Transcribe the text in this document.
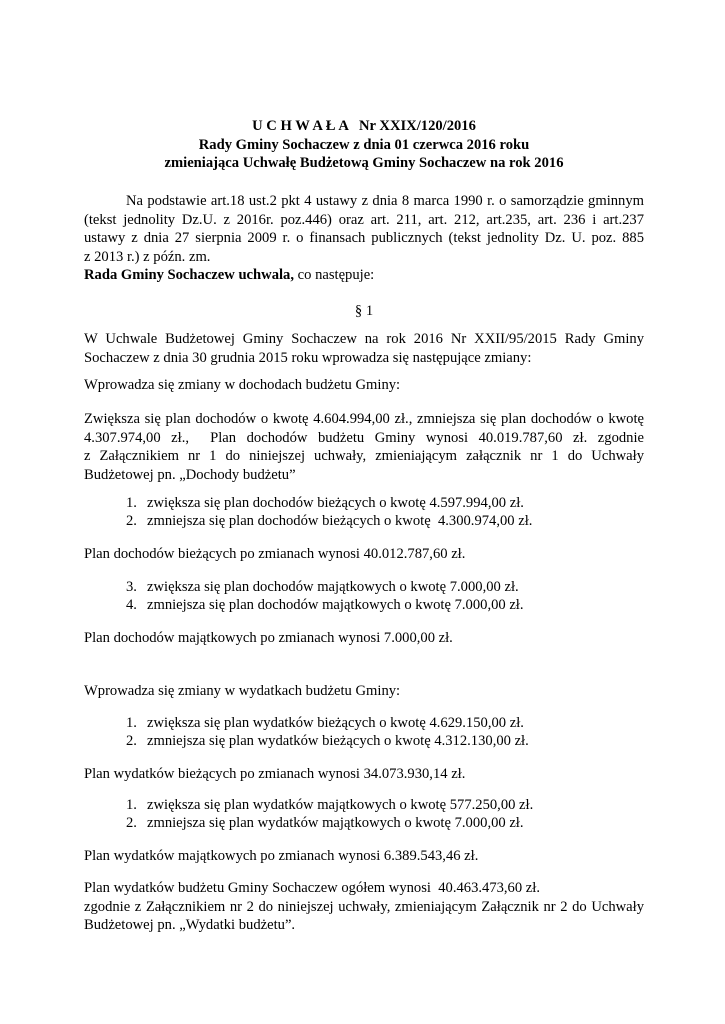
U C H W A Ł A   Nr XXIX/120/2016
Rady Gminy Sochaczew z dnia 01 czerwca 2016 roku
zmieniająca Uchwałę Budżetową Gminy Sochaczew na rok 2016
Na podstawie art.18 ust.2 pkt 4 ustawy z dnia 8 marca 1990 r. o samorządzie gminnym
(tekst jednolity Dz.U. z 2016r. poz.446) oraz art. 211, art. 212, art.235, art. 236 i art.237
ustawy z dnia 27 sierpnia 2009 r. o finansach publicznych (tekst jednolity Dz. U. poz. 885
z 2013 r.) z późn. zm.
Rada Gminy Sochaczew uchwala, co następuje:
§ 1
W Uchwale Budżetowej Gminy Sochaczew na rok 2016 Nr XXII/95/2015 Rady Gminy
Sochaczew z dnia 30 grudnia 2015 roku wprowadza się następujące zmiany:
Wprowadza się zmiany w dochodach budżetu Gminy:
Zwiększa się plan dochodów o kwotę 4.604.994,00 zł., zmniejsza się plan dochodów o kwotę
4.307.974,00 zł.,  Plan dochodów budżetu Gminy wynosi 40.019.787,60 zł. zgodnie
z Załącznikiem nr 1 do niniejszej uchwały, zmieniającym załącznik nr 1 do Uchwały
Budżetowej pn. „Dochody budżetu”
1. zwiększa się plan dochodów bieżących o kwotę 4.597.994,00 zł.
2. zmniejsza się plan dochodów bieżących o kwotę  4.300.974,00 zł.
Plan dochodów bieżących po zmianach wynosi 40.012.787,60 zł.
3. zwiększa się plan dochodów majątkowych o kwotę 7.000,00 zł.
4. zmniejsza się plan dochodów majątkowych o kwotę 7.000,00 zł.
Plan dochodów majątkowych po zmianach wynosi 7.000,00 zł.
Wprowadza się zmiany w wydatkach budżetu Gminy:
1. zwiększa się plan wydatków bieżących o kwotę 4.629.150,00 zł.
2. zmniejsza się plan wydatków bieżących o kwotę 4.312.130,00 zł.
Plan wydatków bieżących po zmianach wynosi 34.073.930,14 zł.
1. zwiększa się plan wydatków majątkowych o kwotę 577.250,00 zł.
2. zmniejsza się plan wydatków majątkowych o kwotę 7.000,00 zł.
Plan wydatków majątkowych po zmianach wynosi 6.389.543,46 zł.
Plan wydatków budżetu Gminy Sochaczew ogółem wynosi  40.463.473,60 zł.
zgodnie z Załącznikiem nr 2 do niniejszej uchwały, zmieniającym Załącznik nr 2 do Uchwały
Budżetowej pn. „Wydatki budżetu”.
